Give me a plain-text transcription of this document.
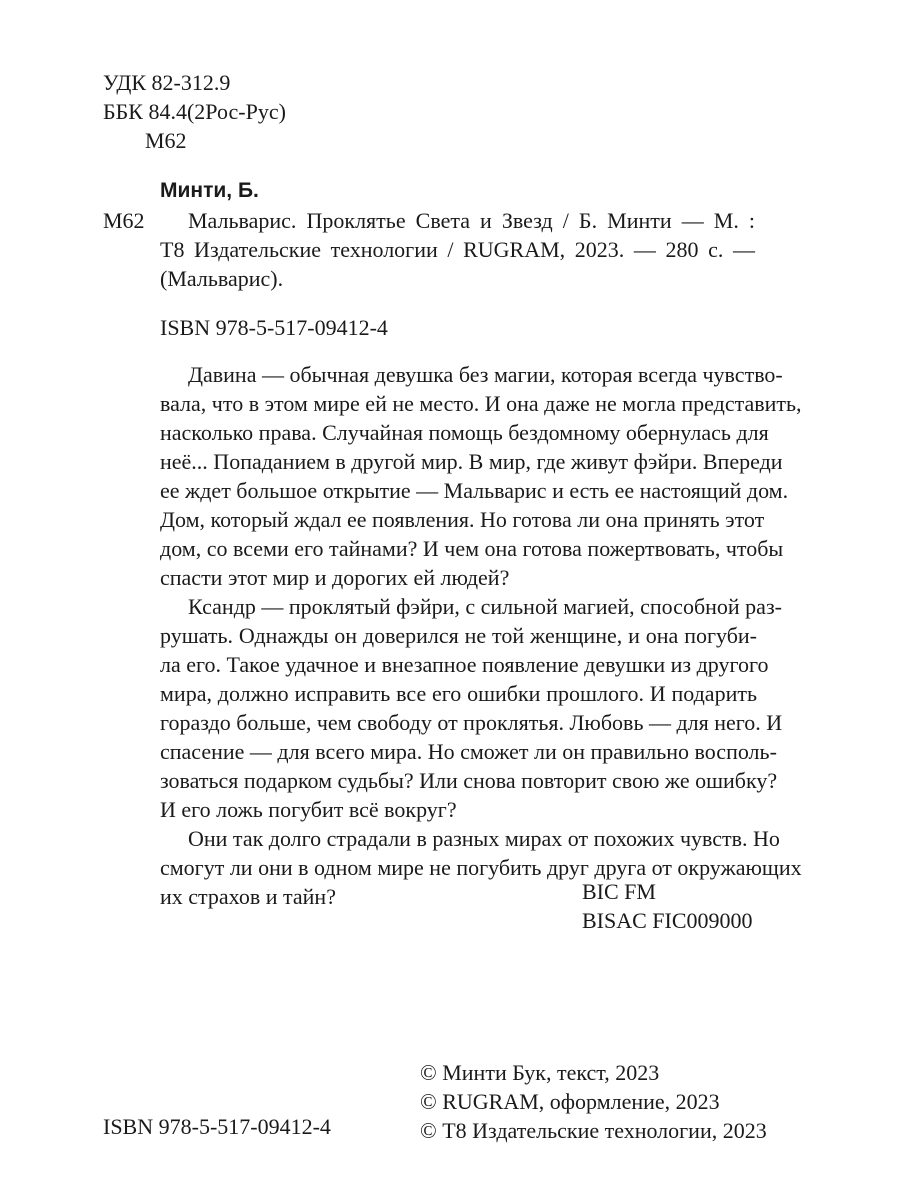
УДК 82-312.9
ББК 84.4(2Рос-Рус)
М62
Минти, Б.
М62	Мальварис. Проклятье Света и Звезд / Б. Минти — М. :
Т8 Издательские технологии / RUGRAM, 2023. — 280 с. —
(Мальварис).
ISBN 978-5-517-09412-4
Давина — обычная девушка без магии, которая всегда чувство-
вала, что в этом мире ей не место. И она даже не могла представить,
насколько права. Случайная помощь бездомному обернулась для
неё... Попаданием в другой мир. В мир, где живут фэйри. Впереди
ее ждет большое открытие — Мальварис и есть ее настоящий дом.
Дом, который ждал ее появления. Но готова ли она принять этот
дом, со всеми его тайнами? И чем она готова пожертвовать, чтобы
спасти этот мир и дорогих ей людей?
Ксандр — проклятый фэйри, с сильной магией, способной раз-
рушать. Однажды он доверился не той женщине, и она погуби-
ла его. Такое удачное и внезапное появление девушки из другого
мира, должно исправить все его ошибки прошлого. И подарить
гораздо больше, чем свободу от проклятья. Любовь — для него. И
спасение — для всего мира. Но сможет ли он правильно восполь-
зоваться подарком судьбы? Или снова повторит свою же ошибку?
И его ложь погубит всё вокруг?
Они так долго страдали в разных мирах от похожих чувств. Но
смогут ли они в одном мире не погубить друг друга от окружающих
их страхов и тайн?	BIC FM
BISAC FIC009000
ISBN 978-5-517-09412-4
© Минти Бук, текст, 2023
© RUGRAM, оформление, 2023
© Т8 Издательские технологии, 2023
